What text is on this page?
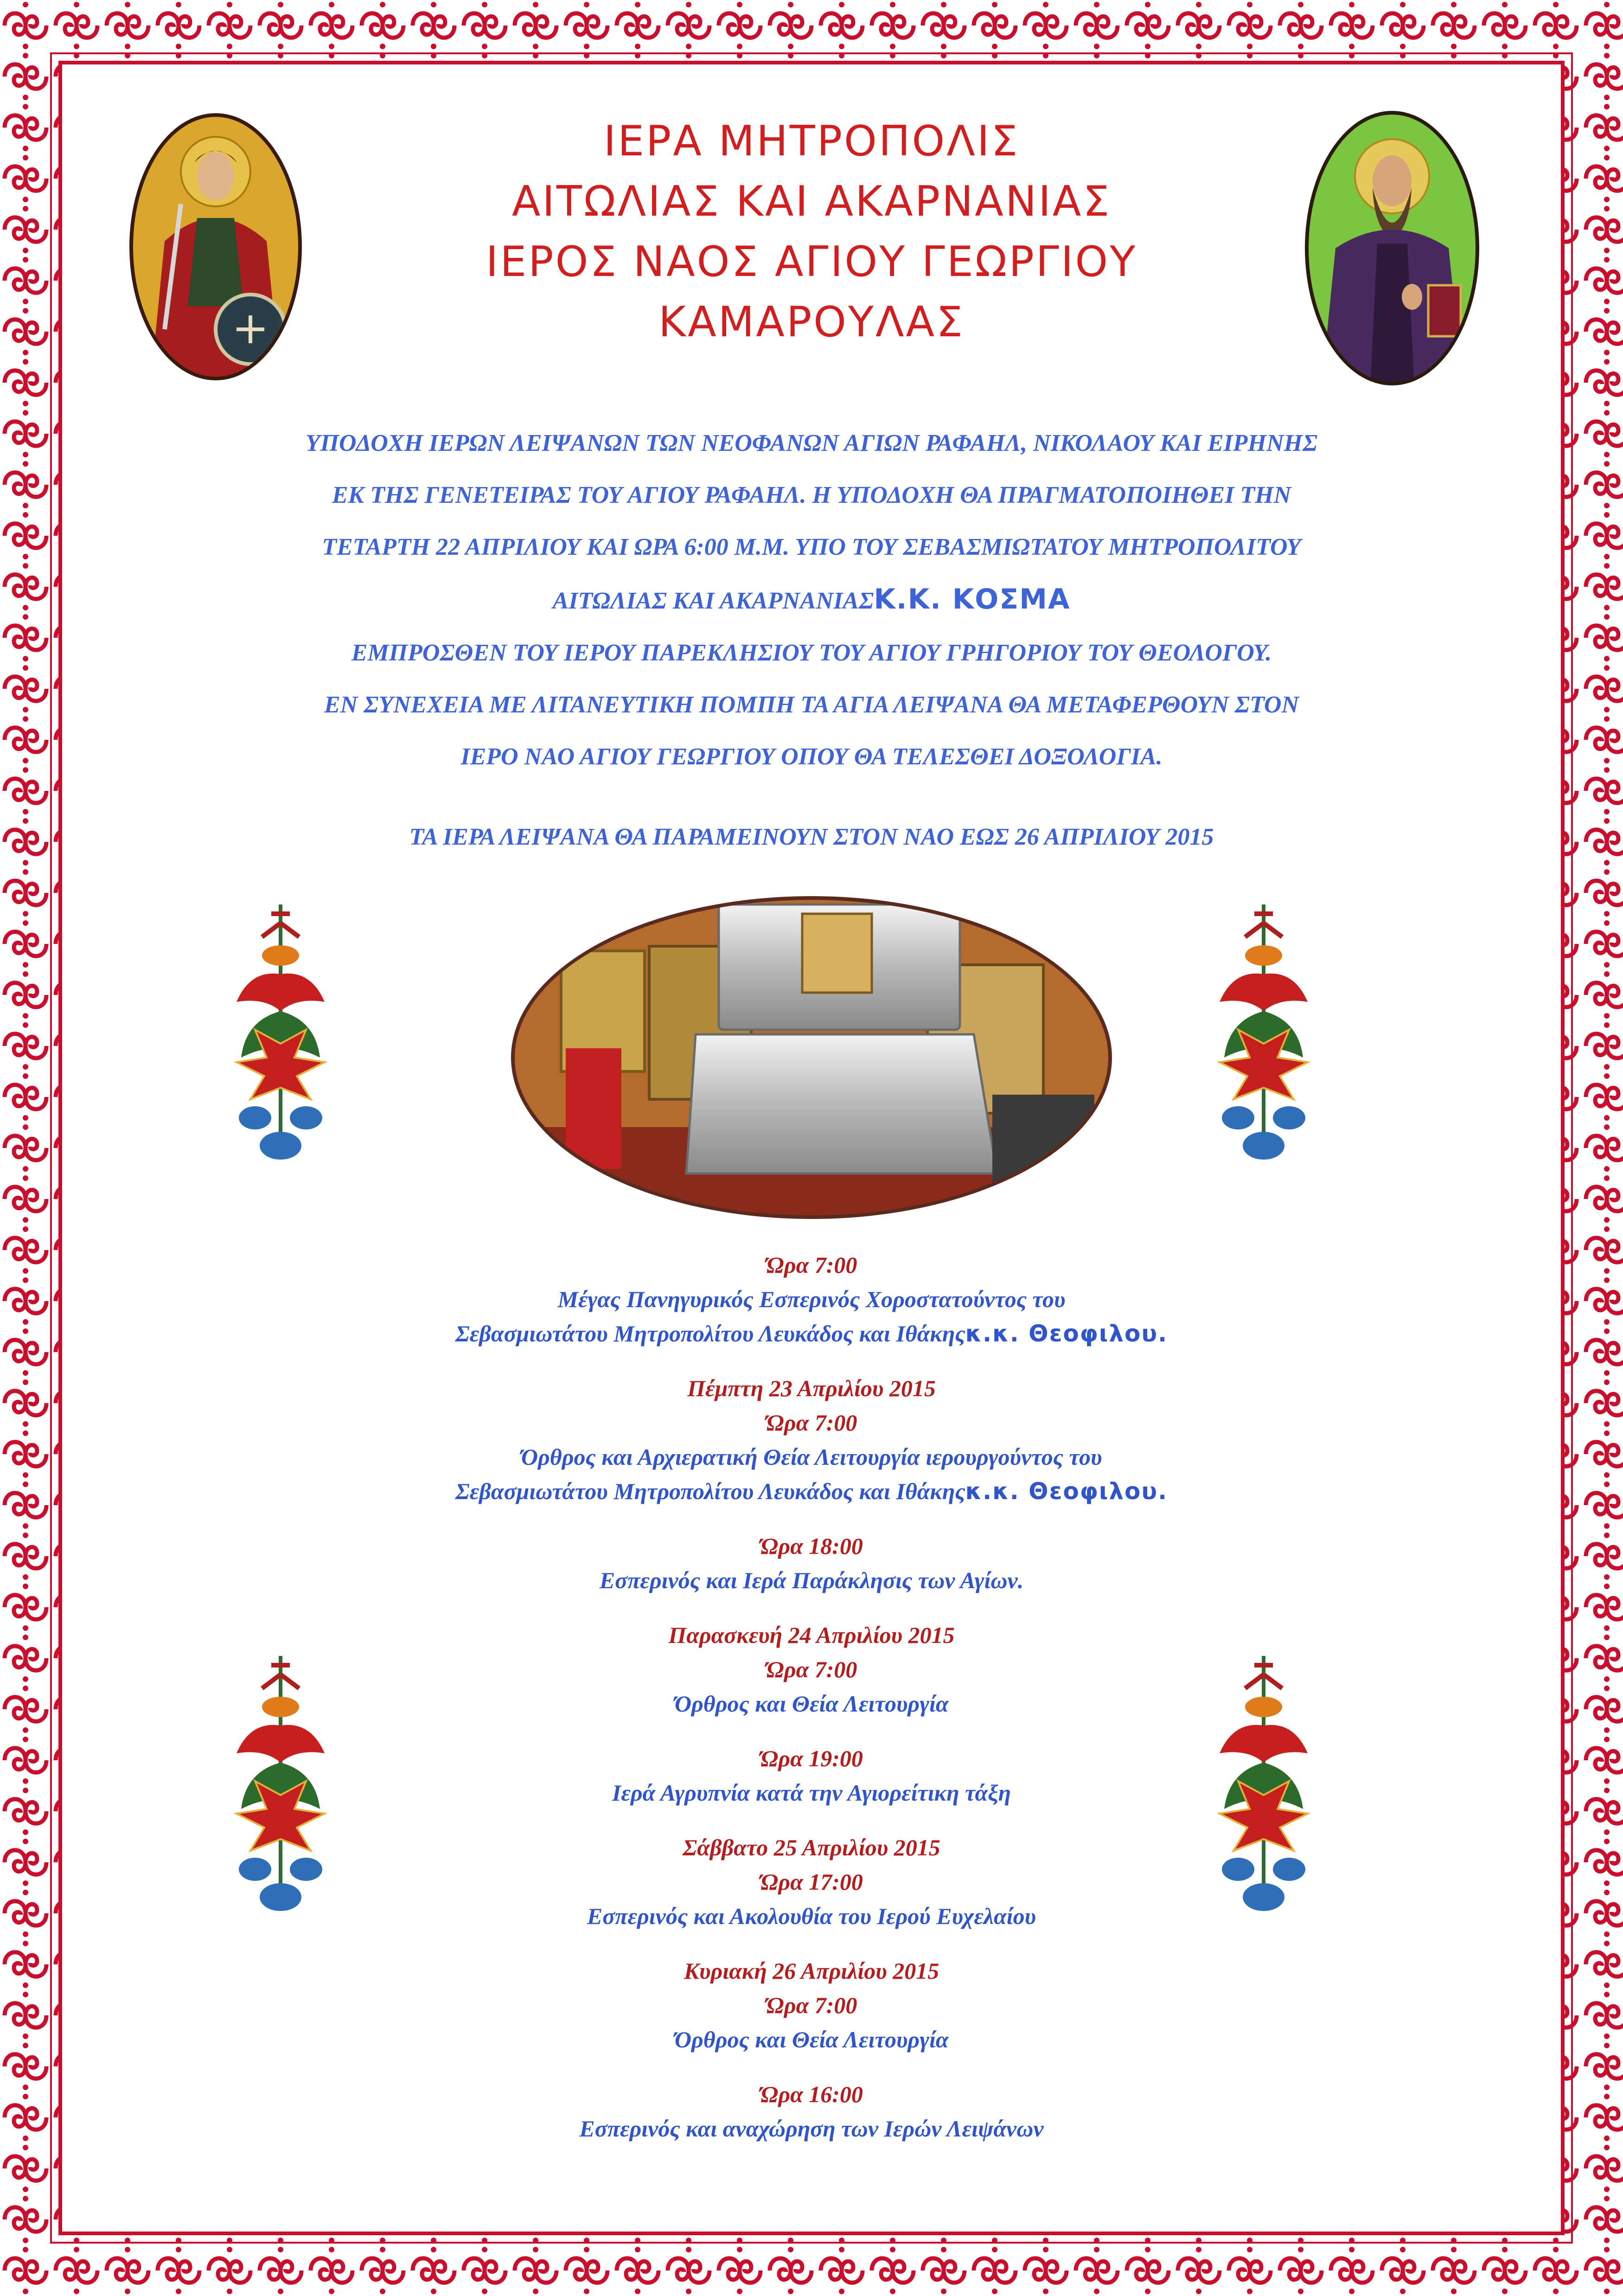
ΙΕΡΑ ΜΗΤΡΟΠΟΛΙΣ
ΑΙΤΩΛΙΑΣ ΚΑΙ ΑΚΑΡΝΑΝΙΑΣ
ΙΕΡΟΣ ΝΑΟΣ ΑΓΙΟΥ ΓΕΩΡΓΙΟΥ
ΚΑΜΑΡΟΥΛΑΣ
ΥΠΟΔΟΧΗ ΙΕΡΩΝ ΛΕΙΨΑΝΩΝ ΤΩΝ ΝΕΟΦΑΝΩΝ ΑΓΙΩΝ ΡΑΦΑΗΛ, ΝΙΚΟΛΑΟΥ ΚΑΙ ΕΙΡΗΝΗΣ
ΕΚ ΤΗΣ ΓΕΝΕΤΕΙΡΑΣ ΤΟΥ ΑΓΙΟΥ ΡΑΦΑΗΛ. Η ΥΠΟΔΟΧΗ ΘΑ ΠΡΑΓΜΑΤΟΠΟΙΗΘΕΙ ΤΗΝ
ΤΕΤΑΡΤΗ 22 ΑΠΡΙΛΙΟΥ ΚΑΙ ΩΡΑ 6:00 Μ.Μ. ΥΠΟ ΤΟΥ ΣΕΒΑΣΜΙΩΤΑΤΟΥ ΜΗΤΡΟΠΟΛΙΤΟΥ
ΑΙΤΩΛΙΑΣ ΚΑΙ ΑΚΑΡΝΑΝΙΑΣΚ.Κ. ΚΟΣΜΑ
ΕΜΠΡΟΣΘΕΝ ΤΟΥ ΙΕΡΟΥ ΠΑΡΕΚΛΗΣΙΟΥ ΤΟΥ ΑΓΙΟΥ ΓΡΗΓΟΡΙΟΥ ΤΟΥ ΘΕΟΛΟΓΟΥ.
ΕΝ ΣΥΝΕΧΕΙΑ ΜΕ ΛΙΤΑΝΕΥΤΙΚΗ ΠΟΜΠΗ ΤΑ ΑΓΙΑ ΛΕΙΨΑΝΑ ΘΑ ΜΕΤΑΦΕΡΘΟΥΝ ΣΤΟΝ
ΙΕΡΟ ΝΑΟ ΑΓΙΟΥ ΓΕΩΡΓΙΟΥ ΟΠΟΥ ΘΑ ΤΕΛΕΣΘΕΙ ΔΟΞΟΛΟΓΙΑ.
ΤΑ ΙΕΡΑ ΛΕΙΨΑΝΑ ΘΑ ΠΑΡΑΜΕΙΝΟΥΝ ΣΤΟΝ ΝΑΟ ΕΩΣ 26 ΑΠΡΙΛΙΟΥ 2015
Ώρα 7:00
Μέγας Πανηγυρικός Εσπερινός Χοροστατούντος του
Σεβασμιωτάτου Μητροπολίτου Λευκάδος και Ιθάκηςκ.κ. Θεοφιλου.
Πέμπτη 23 Απριλίου 2015
Ώρα 7:00
Όρθρος και Αρχιερατική Θεία Λειτουργία ιερουργούντος του
Σεβασμιωτάτου Μητροπολίτου Λευκάδος και Ιθάκηςκ.κ. Θεοφιλου.
Ώρα 18:00
Εσπερινός και Ιερά Παράκλησις των Αγίων.
Παρασκευή 24 Απριλίου 2015
Ώρα 7:00
Όρθρος και Θεία Λειτουργία
Ώρα 19:00
Ιερά Αγρυπνία κατά την Αγιορείτικη τάξη
Σάββατο 25 Απριλίου 2015
Ώρα 17:00
Εσπερινός και Ακολουθία του Ιερού Ευχελαίου
Κυριακή 26 Απριλίου 2015
Ώρα 7:00
Όρθρος και Θεία Λειτουργία
Ώρα 16:00
Εσπερινός και αναχώρηση των Ιερών Λειψάνων
